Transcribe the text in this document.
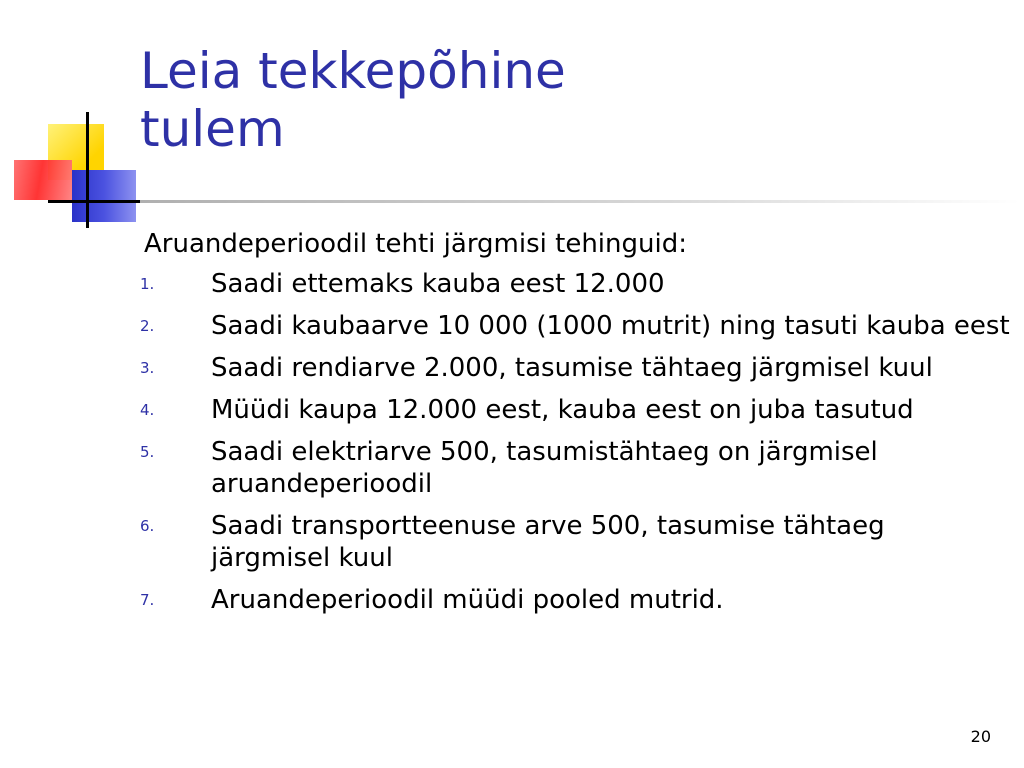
Leia tekkepõhine
tulem

Aruandeperioodil tehti järgmisi tehinguid:

1. Saadi ettemaks kauba eest 12.000
2. Saadi kaubaarve 10 000 (1000 mutrit) ning tasuti kauba eest
3. Saadi rendiarve 2.000, tasumise tähtaeg järgmisel kuul
4. Müüdi kaupa 12.000 eest, kauba eest on juba tasutud
5. Saadi elektriarve 500, tasumistähtaeg on järgmisel aruandeperioodil
6. Saadi transportteenuse arve 500, tasumise tähtaeg järgmisel kuul
7. Aruandeperioodil müüdi pooled mutrid.
20
